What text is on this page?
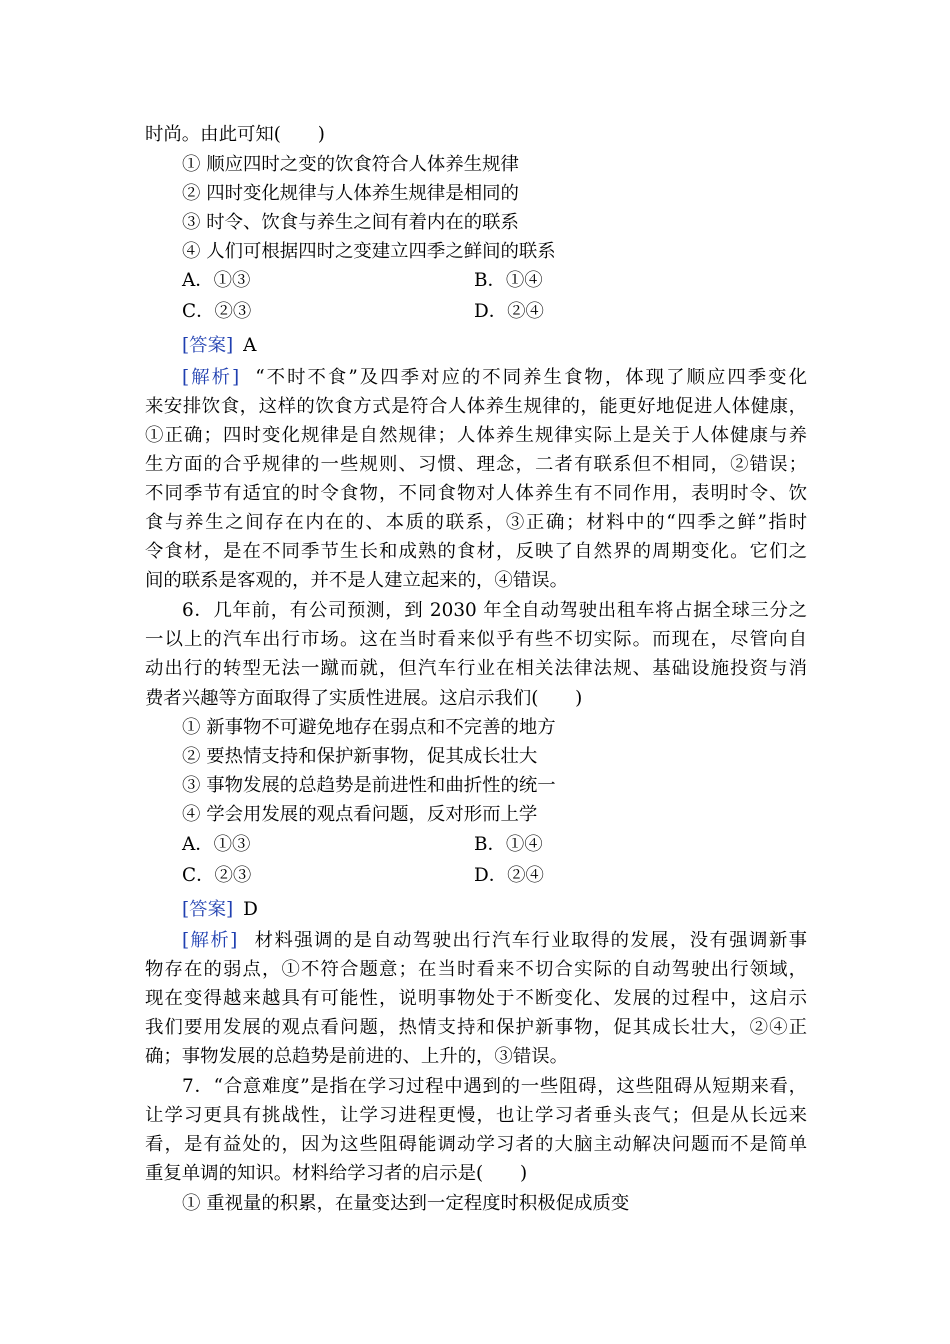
时尚。由此可知(　　)
① 顺应四时之变的饮食符合人体养生规律
② 四时变化规律与人体养生规律是相同的
③ 时令、饮食与养生之间有着内在的联系
④ 人们可根据四时之变建立四季之鲜间的联系
A．①③	B．①④
C．②③	D．②④
[答案] A
[解析] “不时不食”及四季对应的不同养生食物，体现了顺应四季变化
来安排饮食，这样的饮食方式是符合人体养生规律的，能更好地促进人体健康，
①正确；四时变化规律是自然规律；人体养生规律实际上是关于人体健康与养
生方面的合乎规律的一些规则、习惯、理念，二者有联系但不相同，②错误；
不同季节有适宜的时令食物，不同食物对人体养生有不同作用，表明时令、饮
食与养生之间存在内在的、本质的联系，③正确；材料中的“四季之鲜”指时
令食材，是在不同季节生长和成熟的食材，反映了自然界的周期变化。它们之
间的联系是客观的，并不是人建立起来的，④错误。
6．几年前，有公司预测，到 2030 年全自动驾驶出租车将占据全球三分之
一以上的汽车出行市场。这在当时看来似乎有些不切实际。而现在，尽管向自
动出行的转型无法一蹴而就，但汽车行业在相关法律法规、基础设施投资与消
费者兴趣等方面取得了实质性进展。这启示我们(　　)
① 新事物不可避免地存在弱点和不完善的地方
② 要热情支持和保护新事物，促其成长壮大
③ 事物发展的总趋势是前进性和曲折性的统一
④ 学会用发展的观点看问题，反对形而上学
A．①③	B．①④
C．②③	D．②④
[答案] D
[解析] 材料强调的是自动驾驶出行汽车行业取得的发展，没有强调新事
物存在的弱点，①不符合题意；在当时看来不切合实际的自动驾驶出行领域，
现在变得越来越具有可能性，说明事物处于不断变化、发展的过程中，这启示
我们要用发展的观点看问题，热情支持和保护新事物，促其成长壮大，②④正
确；事物发展的总趋势是前进的、上升的，③错误。
7．“合意难度”是指在学习过程中遇到的一些阻碍，这些阻碍从短期来看，
让学习更具有挑战性，让学习进程更慢，也让学习者垂头丧气；但是从长远来
看，是有益处的，因为这些阻碍能调动学习者的大脑主动解决问题而不是简单
重复单调的知识。材料给学习者的启示是(　　)
① 重视量的积累，在量变达到一定程度时积极促成质变
